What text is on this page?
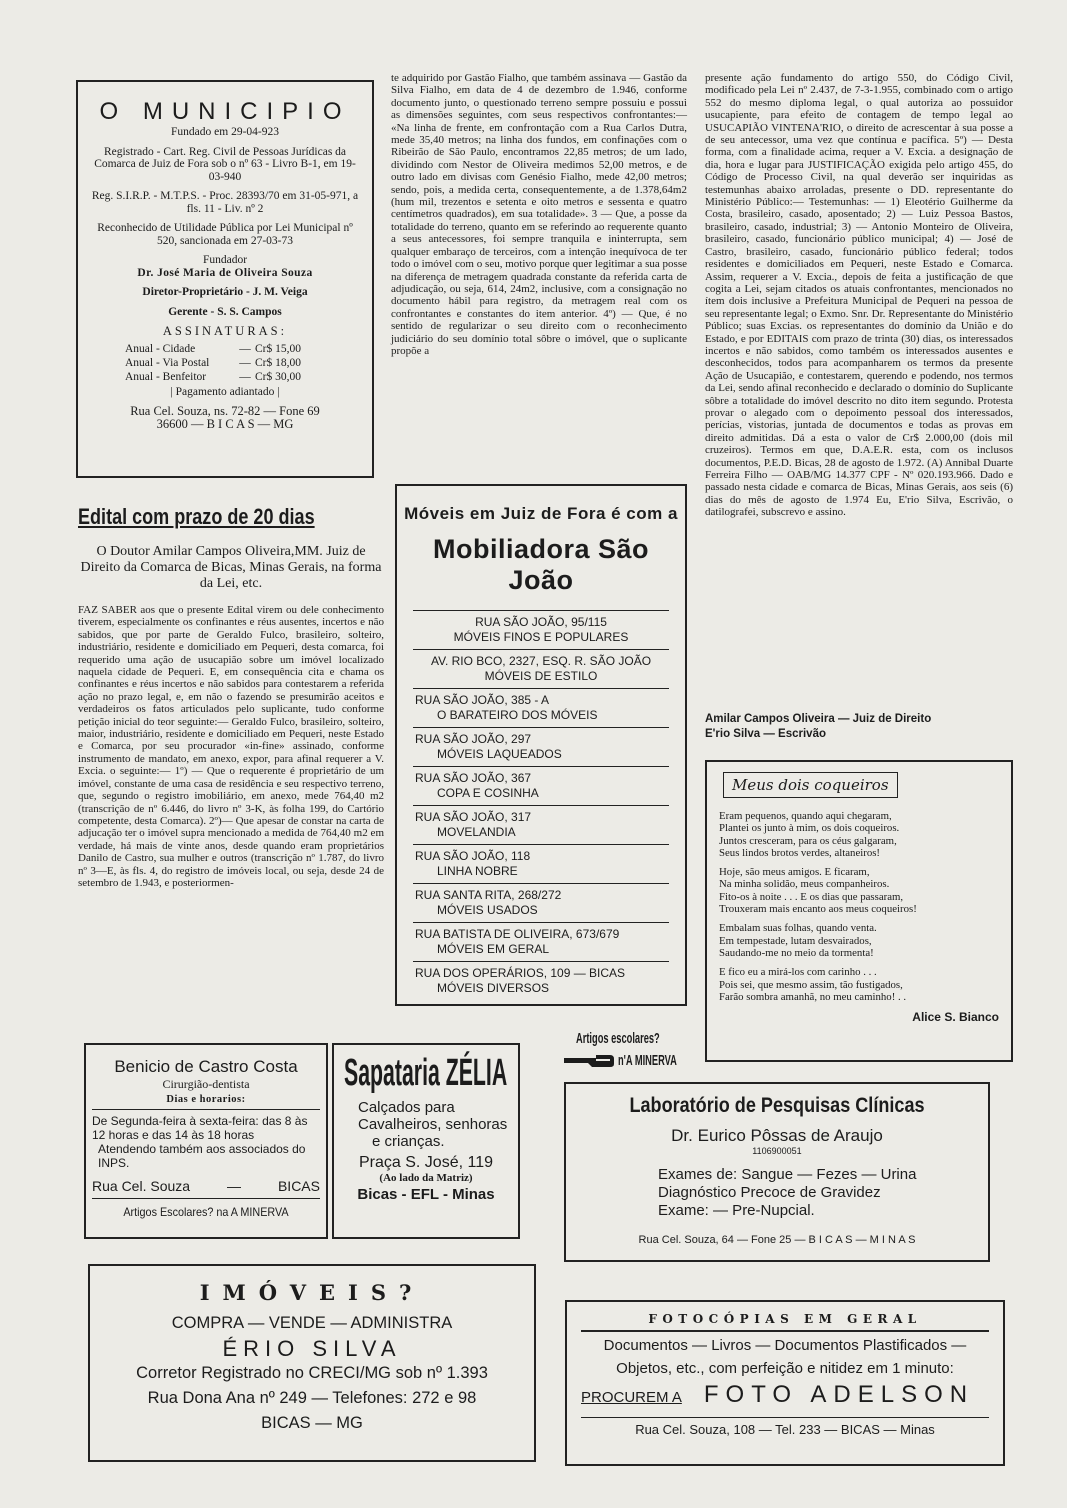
O MUNICIPIO

Fundado em 29-04-923

Registrado - Cart. Reg. Civil de Pessoas Jurídicas da Comarca de Juiz de Fora sob o nº 63 - Livro B-1, em 19-03-940

Reg. S.I.R.P. - M.T.P.S. - Proc. 28393/70 em 31-05-971, a fls. 11 - Liv. nº 2

Reconhecido de Utilidade Pública por Lei Municipal nº 520, sancionada em 27-03-73

Fundador

Dr. José Maria de Oliveira Souza

Diretor-Proprietário - J. M. Veiga

Gerente - S. S. Campos

ASSINATURAS:

Anual - Cidade	— Cr$ 15,00
Anual - Via Postal	— Cr$ 18,00
Anual - Benfeitor	— Cr$ 30,00

| Pagamento adiantado |

Rua Cel. Souza, ns. 72-82 — Fone 69

36600 — B I C A S — MG

Edital com prazo de 20 dias
O Doutor Amilar Campos Oliveira,MM. Juiz de Direito da Comarca de Bicas, Minas Gerais, na forma da Lei, etc.
FAZ SABER aos que o presente Edital virem ou dele conhecimento tiverem, especialmente os confinantes e réus ausentes, incertos e não sabidos, que por parte de Geraldo Fulco, brasileiro, solteiro, industriário, residente e domiciliado em Pequeri, desta comarca, foi requerido uma ação de usucapião sobre um imóvel localizado naquela cidade de Pequeri. E, em consequência cita e chama os confinantes e réus incertos e não sabidos para contestarem a referida ação no prazo legal, e, em não o fazendo se presumirão aceitos e verdadeiros os fatos articulados pelo suplicante, tudo conforme petição inicial do teor seguinte:— Geraldo Fulco, brasileiro, solteiro, maior, industriário, residente e domiciliado em Pequeri, neste Estado e Comarca, por seu procurador «in-fine» assinado, conforme instrumento de mandato, em anexo, expor, para afinal requerer a V. Excia. o seguinte:— 1º) — Que o requerente é proprietário de um imóvel, constante de uma casa de residência e seu respectivo terreno, que, segundo o registro imobiliário, em anexo, mede 764,40 m2 (transcrição de nº 6.446, do livro nº 3-K, às folha 199, do Cartório competente, desta Comarca). 2º)— Que apesar de constar na carta de adjucação ter o imóvel supra mencionado a medida de 764,40 m2 em verdade, há mais de vinte anos, desde quando eram proprietários Danilo de Castro, sua mulher e outros (transcrição nº 1.787, do livro nº 3—E, às fls. 4, do registro de imóveis local, ou seja, desde 24 de setembro de 1.943, e posteriormen-
te adquirido por Gastão Fialho, que também assinava — Gastão da Silva Fialho, em data de 4 de dezembro de 1.946, conforme documento junto, o questionado terreno sempre possuiu e possui as dimensões seguintes, com seus respectivos confrontantes:— «Na linha de frente, em confrontação com a Rua Carlos Dutra, mede 35,40 metros; na linha dos fundos, em confinações com o Ribeirão de São Paulo, encontramos 22,85 metros; de um lado, dividindo com Nestor de Oliveira medimos 52,00 metros, e de outro lado em divisas com Genésio Fialho, mede 42,00 metros; sendo, pois, a medida certa, consequentemente, a de 1.378,64m2 (hum mil, trezentos e setenta e oito metros e sessenta e quatro centímetros quadrados), em sua totalidade». 3 — Que, a posse da totalidade do terreno, quanto em se referindo ao requerente quanto a seus antecessores, foi sempre tranquila e ininterrupta, sem qualquer embaraço de terceiros, com a intenção inequívoca de ter todo o imóvel com o seu, motivo porque quer legitimar a sua posse na diferença de metragem quadrada constante da referida carta de adjudicação, ou seja, 614, 24m2, inclusive, com a consignação no documento hábil para registro, da metragem real com os confrontantes e constantes do item anterior. 4º) — Que, é no sentido de regularizar o seu direito com o reconhecimento judiciário do seu domínio total sôbre o imóvel, que o suplicante propõe a
presente ação fundamento do artigo 550, do Código Civil, modificado pela Lei nº 2.437, de 7-3-1.955, combinado com o artigo 552 do mesmo diploma legal, o qual autoriza ao possuidor usucapiente, para efeito de contagem de tempo legal ao USUCAPIÃO VINTENA'RIO, o direito de acrescentar à sua posse a de seu antecessor, uma vez que contínua e pacífica. 5º) — Desta forma, com a finalidade acima, requer a V. Excia. a designação de dia, hora e lugar para JUSTIFICAÇÃO exigida pelo artigo 455, do Código de Processo Civil, na qual deverão ser inquiridas as testemunhas abaixo arroladas, presente o DD. representante do Ministério Público:— Testemunhas: — 1) Eleotério Guilherme da Costa, brasileiro, casado, aposentado; 2) — Luiz Pessoa Bastos, brasileiro, casado, industrial; 3) — Antonio Monteiro de Oliveira, brasileiro, casado, funcionário público municipal; 4) — José de Castro, brasileiro, casado, funcionário público federal; todos residentes e domiciliados em Pequeri, neste Estado e Comarca. Assim, requerer a V. Excia., depois de feita a justificação de que cogita a Lei, sejam citados os atuais confrontantes, mencionados no ítem dois inclusive a Prefeitura Municipal de Pequeri na pessoa de seu representante legal; o Exmo. Snr. Dr. Representante do Ministério Público; suas Excias. os representantes do domínio da União e do Estado, e por EDITAIS com prazo de trinta (30) dias, os interessados incertos e não sabidos, como também os interessados ausentes e desconhecidos, todos para acompanharem os termos da presente Ação de Usucapião, e contestarem, querendo e podendo, nos termos da Lei, sendo afinal reconhecido e declarado o domínio do Suplicante sôbre a totalidade do imóvel descrito no dito item segundo. Protesta provar o alegado com o depoimento pessoal dos interessados, perícias, vistorias, juntada de documentos e todas as provas em direito admitidas. Dá a esta o valor de Cr$ 2.000,00 (dois mil cruzeiros). Termos em que, D.A.E.R. esta, com os inclusos documentos, P.E.D. Bicas, 28 de agosto de 1.972. (A) Annibal Duarte Ferreira Filho — OAB/MG 14.377 CPF - Nº 020.193.966. Dado e passado nesta cidade e comarca de Bicas, Minas Gerais, aos seis (6) dias do mês de agosto de 1.974 Eu, E'rio Silva, Escrivão, o datilografei, subscrevo e assino.
Amilar Campos Oliveira — Juiz de Direito
E'rio Silva — Escrivão
Móveis em Juiz de Fora é com a
Mobiliadora São João
RUA SÃO JOÃO, 95/115
MÓVEIS FINOS E POPULARES
AV. RIO BCO, 2327, ESQ. R. SÃO JOÃO
MÓVEIS DE ESTILO
RUA SÃO JOÃO, 385 - A
O BARATEIRO DOS MÓVEIS
RUA SÃO JOÃO, 297
MÓVEIS LAQUEADOS
RUA SÃO JOÃO, 367
COPA E COSINHA
RUA SÃO JOÃO, 317
MOVELANDIA
RUA SÃO JOÃO, 118
LINHA NOBRE
RUA SANTA RITA, 268/272
MÓVEIS USADOS
RUA BATISTA DE OLIVEIRA, 673/679
MÓVEIS EM GERAL
RUA DOS OPERÁRIOS, 109 — BICAS
MÓVEIS DIVERSOS
Meus dois coqueiros
Eram pequenos, quando aqui chegaram,
Plantei os junto à mim, os dois coqueiros.
Juntos cresceram, para os céus galgaram,
Seus lindos brotos verdes, altaneiros!
Hoje, são meus amigos. E ficaram,
Na minha solidão, meus companheiros.
Fito-os à noite . . . E os dias que passaram,
Trouxeram mais encanto aos meus coqueiros!
Embalam suas folhas, quando venta.
Em tempestade, lutam desvairados,
Saudando-me no meio da tormenta!
E fico eu a mirá-los com carinho . . .
Pois sei, que mesmo assim, tão fustigados,
Farão sombra amanhã, no meu caminho! . .
Alice S. Bianco
Benicio de Castro Costa
Cirurgião-dentista
Dias e horarios:
De Segunda-feira à sexta-feira: das 8 às 12 horas e das 14 às 18 horas
Atendendo também aos associados do INPS.
Rua Cel. Souza	—	BICAS
Artigos Escolares? na A MINERVA
Sapataria ZÉLIA
Calçados para
Cavalheiros, senhoras
e crianças.
Praça S. José, 119
(Ao lado da Matriz)
Bicas - EFL - Minas
Artigos escolares?
n'A MINERVA
Laboratório de Pesquisas Clínicas
Dr. Eurico Pôssas de Araujo
1106900051
Exames de: Sangue — Fezes — Urina
Diagnóstico Precoce de Gravidez
Exame: — Pre-Nupcial.
Rua Cel. Souza, 64 — Fone 25 — B I C A S — M I N A S
IMÓVEIS?
COMPRA — VENDE — ADMINISTRA
ÉRIO SILVA
Corretor Registrado no CRECI/MG sob nº 1.393
Rua Dona Ana nº 249 — Telefones: 272 e 98
BICAS — MG
FOTOCÓPIAS EM GERAL
Documentos — Livros — Documentos Plastificados —
Objetos, etc., com perfeição e nitidez em 1 minuto:
PROCUREM A FOTO ADELSON
Rua Cel. Souza, 108 — Tel. 233 — BICAS — Minas
